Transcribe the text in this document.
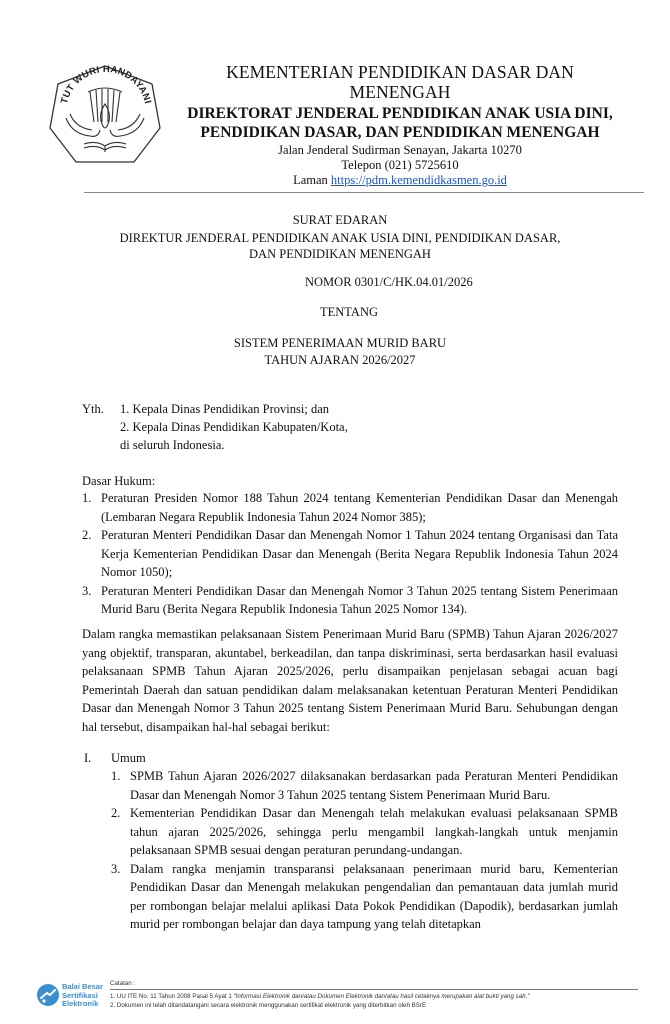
TUT WURI HANDAYANI
KEMENTERIAN PENDIDIKAN DASAR DAN
MENENGAH
DIREKTORAT JENDERAL PENDIDIKAN ANAK USIA DINI,
PENDIDIKAN DASAR, DAN PENDIDIKAN MENENGAH
Jalan Jenderal Sudirman Senayan, Jakarta 10270
Telepon (021) 5725610
Laman https://pdm.kemendidkasmen.go.id
SURAT EDARAN
DIREKTUR JENDERAL PENDIDIKAN ANAK USIA DINI, PENDIDIKAN DASAR,
DAN PENDIDIKAN MENENGAH
NOMOR 0301/C/HK.04.01/2026
TENTANG
SISTEM PENERIMAAN MURID BARU
TAHUN AJARAN 2026/2027
Yth. 1. Kepala Dinas Pendidikan Provinsi; dan
2. Kepala Dinas Pendidikan Kabupaten/Kota,
di seluruh Indonesia.
Dasar Hukum:
1. Peraturan Presiden Nomor 188 Tahun 2024 tentang Kementerian Pendidikan Dasar dan Menengah (Lembaran Negara Republik Indonesia Tahun 2024 Nomor 385);
2. Peraturan Menteri Pendidikan Dasar dan Menengah Nomor 1 Tahun 2024 tentang Organisasi dan Tata Kerja Kementerian Pendidikan Dasar dan Menengah (Berita Negara Republik Indonesia Tahun 2024 Nomor 1050);
3. Peraturan Menteri Pendidikan Dasar dan Menengah Nomor 3 Tahun 2025 tentang Sistem Penerimaan Murid Baru (Berita Negara Republik Indonesia Tahun 2025 Nomor 134).
Dalam rangka memastikan pelaksanaan Sistem Penerimaan Murid Baru (SPMB) Tahun Ajaran 2026/2027 yang objektif, transparan, akuntabel, berkeadilan, dan tanpa diskriminasi, serta berdasarkan hasil evaluasi pelaksanaan SPMB Tahun Ajaran 2025/2026, perlu disampaikan penjelasan sebagai acuan bagi Pemerintah Daerah dan satuan pendidikan dalam melaksanakan ketentuan Peraturan Menteri Pendidikan Dasar dan Menengah Nomor 3 Tahun 2025 tentang Sistem Penerimaan Murid Baru. Sehubungan dengan hal tersebut, disampaikan hal-hal sebagai berikut:
I. Umum
1. SPMB Tahun Ajaran 2026/2027 dilaksanakan berdasarkan pada Peraturan Menteri Pendidikan Dasar dan Menengah Nomor 3 Tahun 2025 tentang Sistem Penerimaan Murid Baru.
2. Kementerian Pendidikan Dasar dan Menengah telah melakukan evaluasi pelaksanaan SPMB tahun ajaran 2025/2026, sehingga perlu mengambil langkah-langkah untuk menjamin pelaksanaan SPMB sesuai dengan peraturan perundang-undangan.
3. Dalam rangka menjamin transparansi pelaksanaan penerimaan murid baru, Kementerian Pendidikan Dasar dan Menengah melakukan pengendalian dan pemantauan data jumlah murid per rombongan belajar melalui aplikasi Data Pokok Pendidikan (Dapodik), berdasarkan jumlah murid per rombongan belajar dan daya tampung yang telah ditetapkan
Balai Besar
Sertifikasi
Elektronik
Catatan :
1. UU ITE No. 11 Tahun 2008 Pasal 5 Ayat 1 "Informasi Elektronik dan/atau Dokumen Elektronik dan/atau hasil cetaknya merupakan alat bukti yang sah."
2. Dokumen ini telah ditandatangani secara elektronik menggunakan sertifikat elektronik yang diterbitkan oleh BSrE
